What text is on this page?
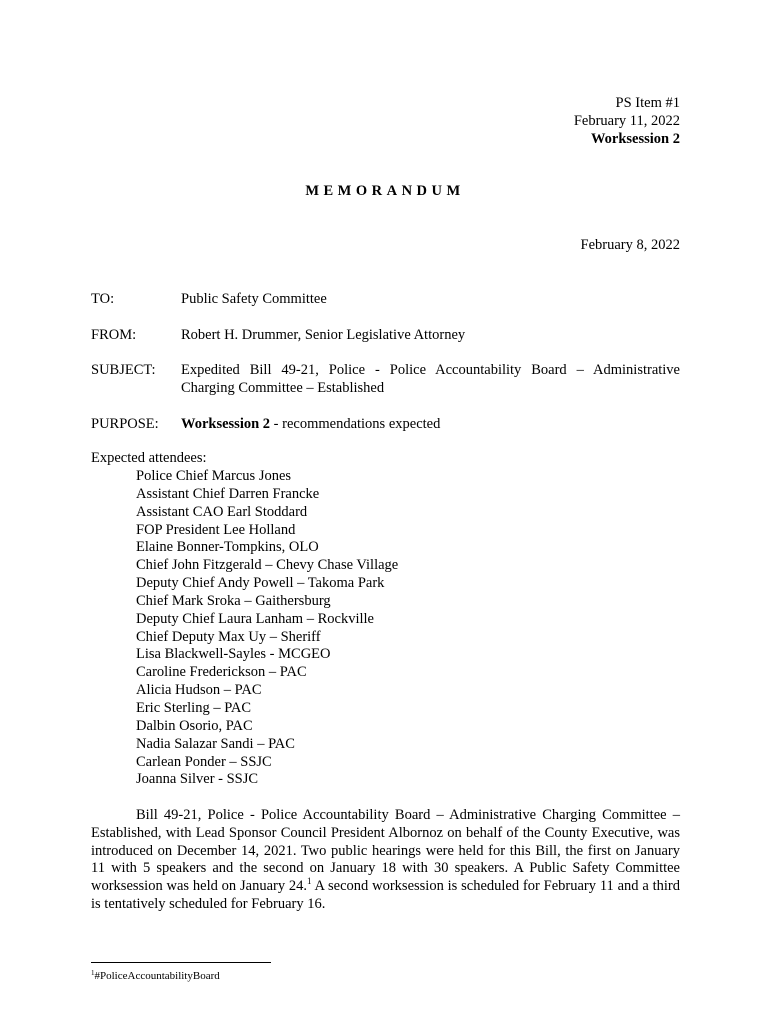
PS Item #1
February 11, 2022
Worksession 2
MEMORANDUM
February 8, 2022
TO:	Public Safety Committee
FROM:	Robert H. Drummer, Senior Legislative Attorney
SUBJECT: Expedited Bill 49-21, Police - Police Accountability Board – Administrative Charging Committee – Established
PURPOSE: Worksession 2 - recommendations expected
Expected attendees:
Police Chief Marcus Jones
Assistant Chief Darren Francke
Assistant CAO Earl Stoddard
FOP President Lee Holland
Elaine Bonner-Tompkins, OLO
Chief John Fitzgerald – Chevy Chase Village
Deputy Chief Andy Powell – Takoma Park
Chief Mark Sroka – Gaithersburg
Deputy Chief Laura Lanham – Rockville
Chief Deputy Max Uy – Sheriff
Lisa Blackwell-Sayles - MCGEO
Caroline Frederickson – PAC
Alicia Hudson – PAC
Eric Sterling – PAC
Dalbin Osorio, PAC
Nadia Salazar Sandi – PAC
Carlean Ponder – SSJC
Joanna Silver - SSJC

Bill 49-21, Police - Police Accountability Board – Administrative Charging Committee – Established, with Lead Sponsor Council President Albornoz on behalf of the County Executive, was introduced on December 14, 2021. Two public hearings were held for this Bill, the first on January 11 with 5 speakers and the second on January 18 with 30 speakers. A Public Safety Committee worksession was held on January 24.$^1$ A second worksession is scheduled for February 11 and a third is tentatively scheduled for February 16.

$^1$#PoliceAccountabilityBoard
